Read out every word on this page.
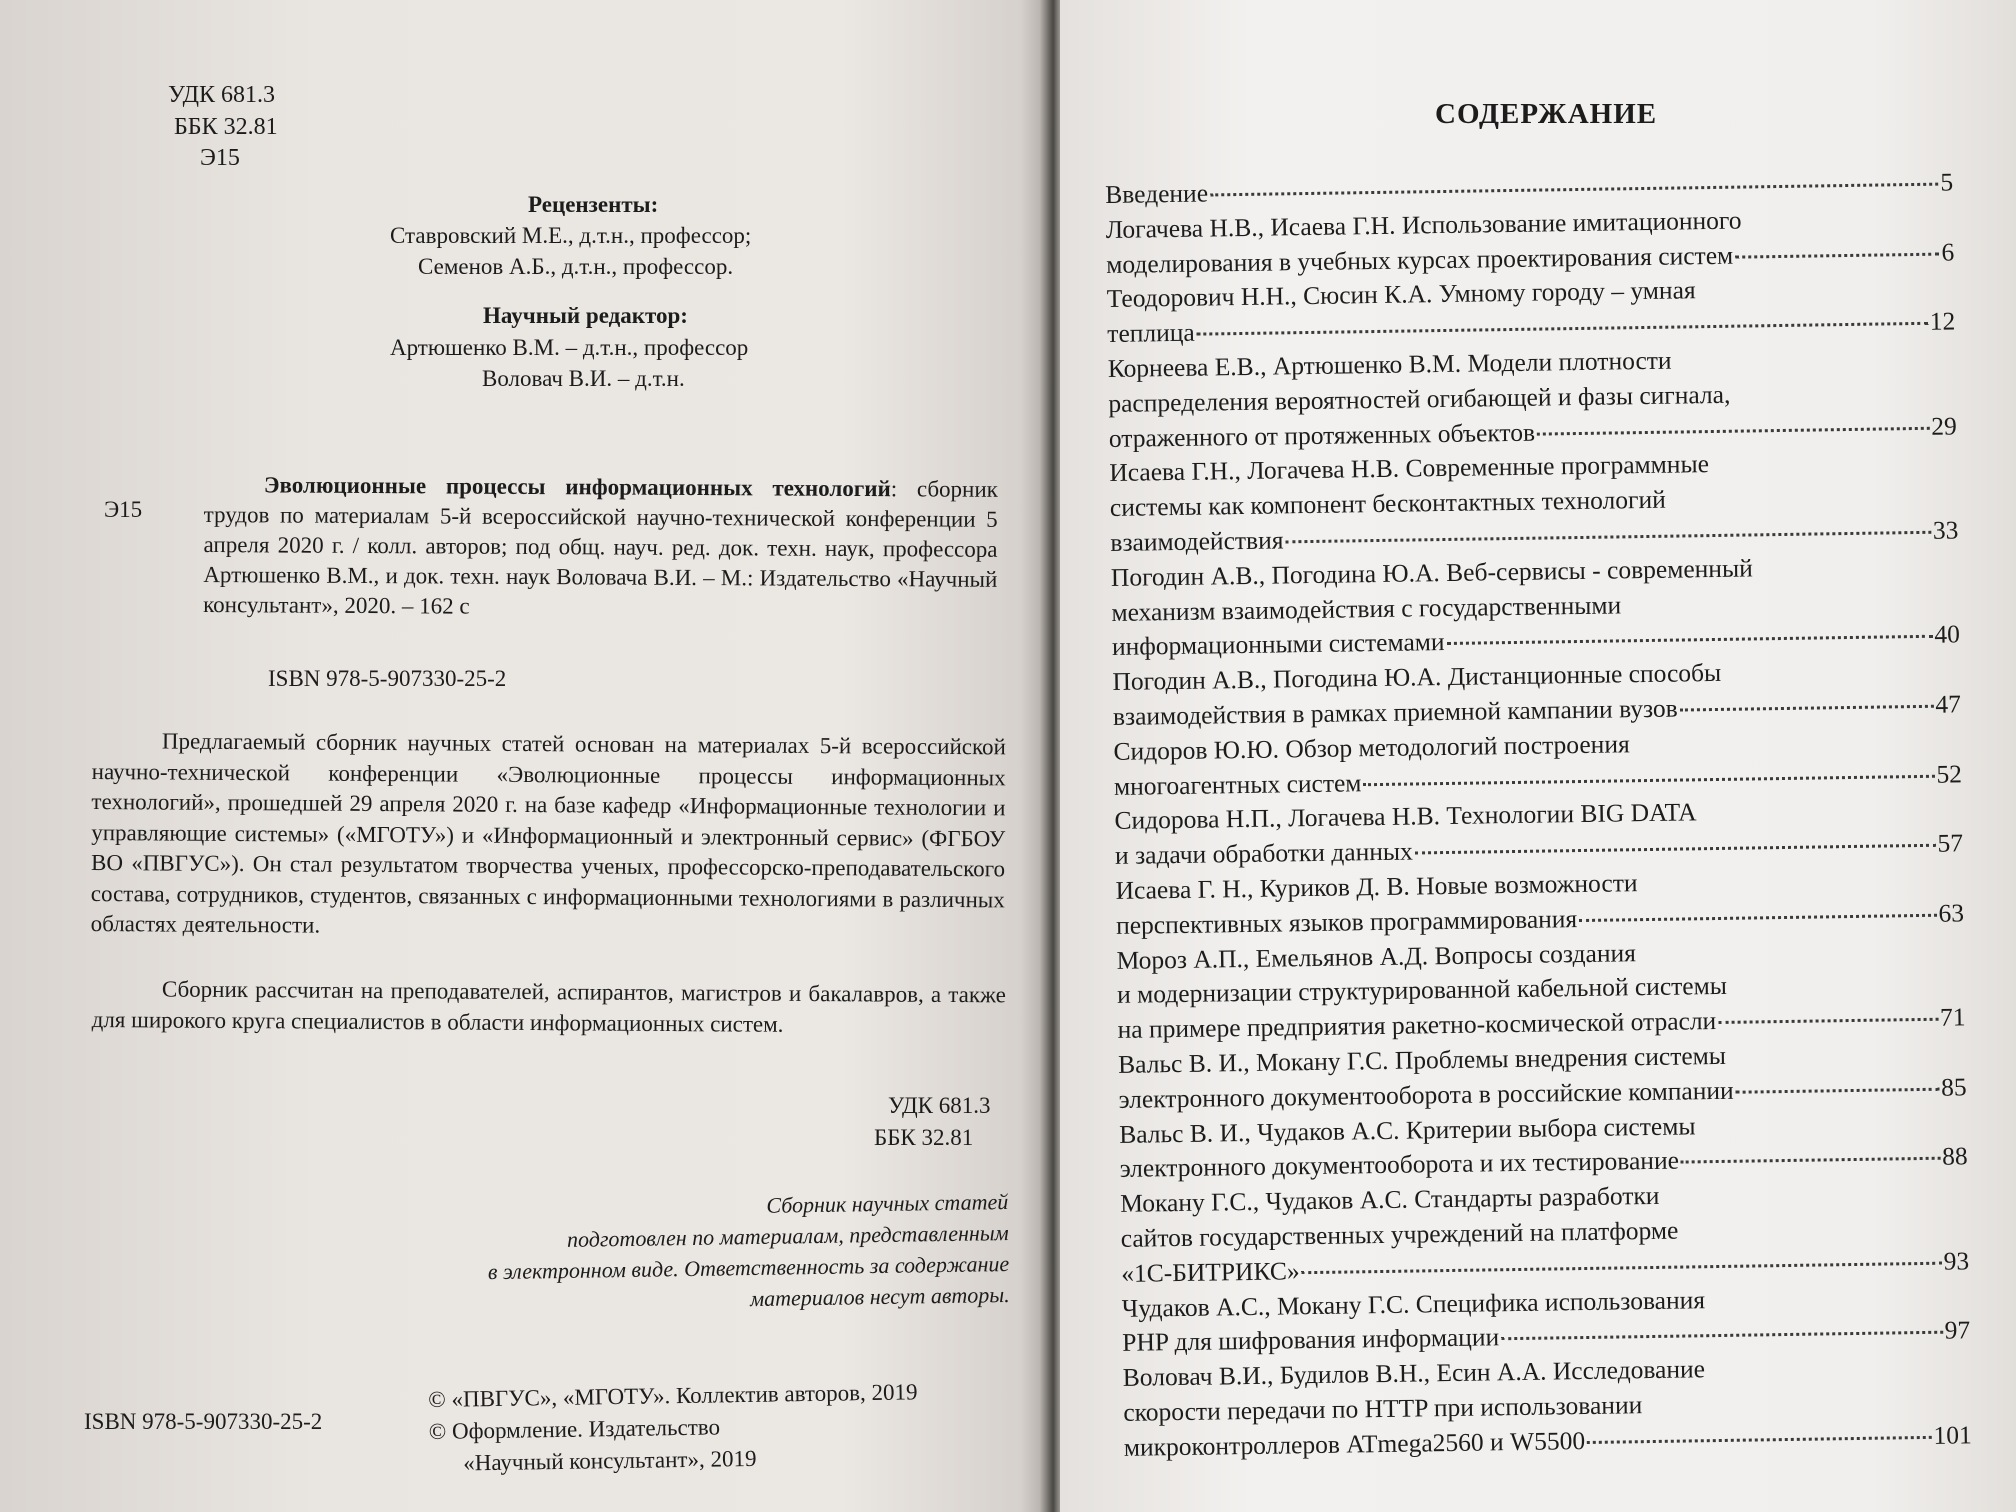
УДК 681.3

ББК 32.81

Э15

Рецензенты:

Ставровский М.Е., д.т.н., профессор;

Семенов А.Б., д.т.н., профессор.

Научный редактор:

Артюшенко В.М. – д.т.н., профессор

Воловач В.И. – д.т.н.

Э15

Эволюционные процессы информационных технологий: сборник трудов по материалам 5-й всероссийской научно-технической конференции 5 апреля 2020 г. / колл. авторов; под общ. науч. ред. док. техн. наук, профессора Артюшенко В.М., и док. техн. наук Воловача В.И. – М.: Издательство «Научный консультант», 2020. – 162 с

ISBN 978-5-907330-25-2

Предлагаемый сборник научных статей основан на материалах 5-й всероссийской научно-технической конференции «Эволюционные процессы информационных технологий», прошедшей 29 апреля 2020 г. на базе кафедр «Информационные технологии и управляющие системы» («МГОТУ») и «Информационный и электронный сервис» (ФГБОУ ВО «ПВГУС»). Он стал результатом творчества ученых, профессорско-преподавательского состава, сотрудников, студентов, связанных с информационными технологиями в различных областях деятельности.
Сборник рассчитан на преподавателей, аспирантов, магистров и бакалавров, а также для широкого круга специалистов в области информационных систем.

УДК 681.3

ББК 32.81

Сборник научных статей
подготовлен по материалам, представленным
в электронном виде. Ответственность за содержание
материалов несут авторы.

ISBN 978-5-907330-25-2

© «ПВГУС», «МГОТУ». Коллектив авторов, 2019
© Оформление. Издательство
«Научный консультант», 2019

СОДЕРЖАНИЕ

Введение	5
Логачева Н.В., Исаева Г.Н. Использование имитационного
моделирования в учебных курсах проектирования систем	6
Теодорович Н.Н., Сюсин К.А. Умному городу – умная
теплица	12
Корнеева Е.В., Артюшенко В.М. Модели плотности
распределения вероятностей огибающей и фазы сигнала,
отраженного от протяженных объектов	29
Исаева Г.Н., Логачева Н.В. Современные программные
системы как компонент бесконтактных технологий
взаимодействия	33
Погодин А.В., Погодина Ю.А. Веб-сервисы - современный
механизм взаимодействия с государственными
информационными системами	40
Погодин А.В., Погодина Ю.А. Дистанционные способы
взаимодействия в рамках приемной кампании вузов	47
Сидоров Ю.Ю. Обзор методологий построения
многоагентных систем	52
Сидорова Н.П., Логачева Н.В. Технологии BIG DATA
и задачи обработки данных	57
Исаева Г. Н., Куриков Д. В. Новые возможности
перспективных языков программирования	63
Мороз А.П., Емельянов А.Д. Вопросы создания
и модернизации структурированной кабельной системы
на примере предприятия ракетно-космической отрасли	71
Вальс В. И., Мокану Г.С. Проблемы внедрения системы
электронного документооборота в российские компании	85
Вальс В. И., Чудаков А.С. Критерии выбора системы
электронного документооборота и их тестирование	88
Мокану Г.С., Чудаков А.С. Стандарты разработки
сайтов государственных учреждений на платформе
«1С-БИТРИКС»	93
Чудаков А.С., Мокану Г.С. Специфика использования
PHP для шифрования информации	97
Воловач В.И., Будилов В.Н., Есин А.А. Исследование
скорости передачи по HTTP при использовании
микроконтроллеров ATmega2560 и W5500	101
